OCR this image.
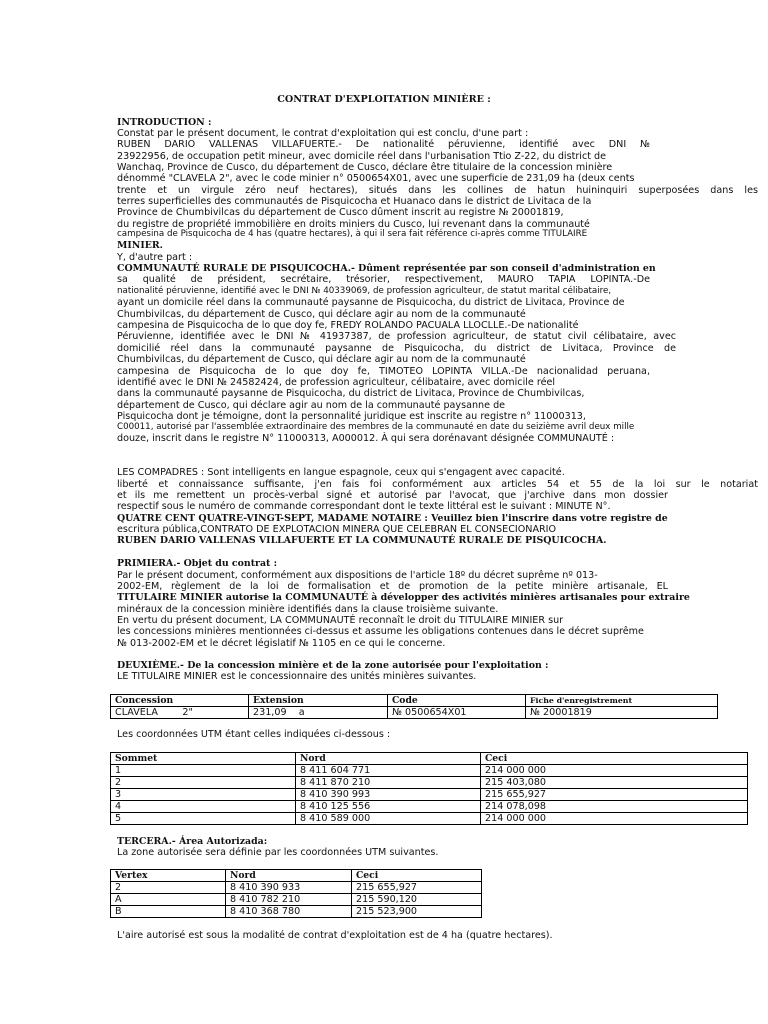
CONTRAT D'EXPLOITATION MINIÈRE :
INTRODUCTION :
Constat par le présent document, le contrat d'exploitation qui est conclu, d'une part :
RUBEN DARIO VALLENAS VILLAFUERTE.- De nationalité péruvienne, identifié avec DNI №
23922956, de occupation petit mineur, avec domicile réel dans l'urbanisation Ttio Z-22, du district de
Wanchaq, Province de Cusco, du département de Cusco, déclare être titulaire de la concession minière
dénommé "CLAVELA 2", avec le code minier n° 0500654X01, avec une superficie de 231,09 ha (deux cents
trente et un virgule zéro neuf hectares), situés dans les collines de hatun huininquiri superposées dans les
terres superficielles des communautés de Pisquicocha et Huanaco dans le district de Livitaca de la
Province de Chumbivilcas du département de Cusco dûment inscrit au registre № 20001819,
du registre de propriété immobilière en droits miniers du Cusco, lui revenant dans la communauté
campesina de Pisquicocha de 4 has (quatre hectares), à qui il sera fait référence ci-après comme TITULAIRE
MINIER.
Y, d'autre part :
COMMUNAUTÉ RURALE DE PISQUICOCHA.- Dûment représentée par son conseil d'administration en
sa qualité de président, secrétaire, trésorier, respectivement, MAURO TAPIA LOPINTA.-De
nationalité péruvienne, identifié avec le DNI № 40339069, de profession agriculteur, de statut marital célibataire,
ayant un domicile réel dans la communauté paysanne de Pisquicocha, du district de Livitaca, Province de
Chumbivilcas, du département de Cusco, qui déclare agir au nom de la communauté
campesina de Pisquicocha de lo que doy fe, FREDY ROLANDO PACUALA LLOCLLE.-De nationalité
Péruvienne, identifiée avec le DNI № 41937387, de profession agriculteur, de statut civil célibataire, avec
domicilié réel dans la communauté paysanne de Pisquicocha, du district de Livitaca, Province de
Chumbivilcas, du département de Cusco, qui déclare agir au nom de la communauté
campesina de Pisquicocha de lo que doy fe, TIMOTEO LOPINTA VILLA.-De nacionalidad peruana,
identifié avec le DNI № 24582424, de profession agriculteur, célibataire, avec domicile réel
dans la communauté paysanne de Pisquicocha, du district de Livitaca, Province de Chumbivilcas,
département de Cusco, qui déclare agir au nom de la communauté paysanne de
Pisquicocha dont je témoigne, dont la personnalité juridique est inscrite au registre n° 11000313,
C00011, autorisé par l'assemblée extraordinaire des membres de la communauté en date du seizième avril deux mille
douze, inscrit dans le registre N° 11000313, A000012. À qui sera dorénavant désignée COMMUNAUTÉ :
LES COMPADRES : Sont intelligents en langue espagnole, ceux qui s'engagent avec capacité.
liberté et connaissance suffisante, j'en fais foi conformément aux articles 54 et 55 de la loi sur le notariat
et ils me remettent un procès-verbal signé et autorisé par l'avocat, que j'archive dans mon dossier
respectif sous le numéro de commande correspondant dont le texte littéral est le suivant : MINUTE N°.
QUATRE CENT QUATRE-VINGT-SEPT, MADAME NOTAIRE : Veuillez bien l'inscrire dans votre registre de
escritura pública,CONTRATO DE EXPLOTACION MINERA QUE CELEBRAN EL CONSECIONARIO
RUBEN DARIO VALLENAS VILLAFUERTE ET LA COMMUNAUTÉ RURALE DE PISQUICOCHA.
PRIMIERA.- Objet du contrat :
Par le présent document, conformément aux dispositions de l'article 18º du décret suprême nº 013-
2002-EM, règlement de la loi de formalisation et de promotion de la petite minière artisanale, EL
TITULAIRE MINIER autorise la COMMUNAUTÉ à développer des activités minières artisanales pour extraire
minéraux de la concession minière identifiés dans la clause troisième suivante.
En vertu du présent document, LA COMMUNAUTÉ reconnaît le droit du TITULAIRE MINIER sur
les concessions minières mentionnées ci-dessus et assume les obligations contenues dans le décret suprême
№ 013-2002-EM et le décret législatif № 1105 en ce qui le concerne.
DEUXIÈME.- De la concession minière et de la zone autorisée pour l'exploitation :
LE TITULAIRE MINIER est le concessionnaire des unités minières suivantes.
Concession	Extension	Code	Fiche d'enregistrement
CLAVELA        2"	231,09    a	№ 0500654X01	№ 20001819
Les coordonnées UTM étant celles indiquées ci-dessous :
Sommet	Nord	Ceci
1	8 411 604 771	214 000 000
2	8 411 870 210	215 403,080
3	8 410 390 993	215 655,927
4	8 410 125 556	214 078,098
5	8 410 589 000	214 000 000
TERCERA.- Área Autorizada:
La zone autorisée sera définie par les coordonnées UTM suivantes.
Vertex	Nord	Ceci
2	8 410 390 933	215 655,927
A	8 410 782 210	215 590,120
B	8 410 368 780	215 523,900
L'aire autorisé est sous la modalité de contrat d'exploitation est de 4 ha (quatre hectares).
